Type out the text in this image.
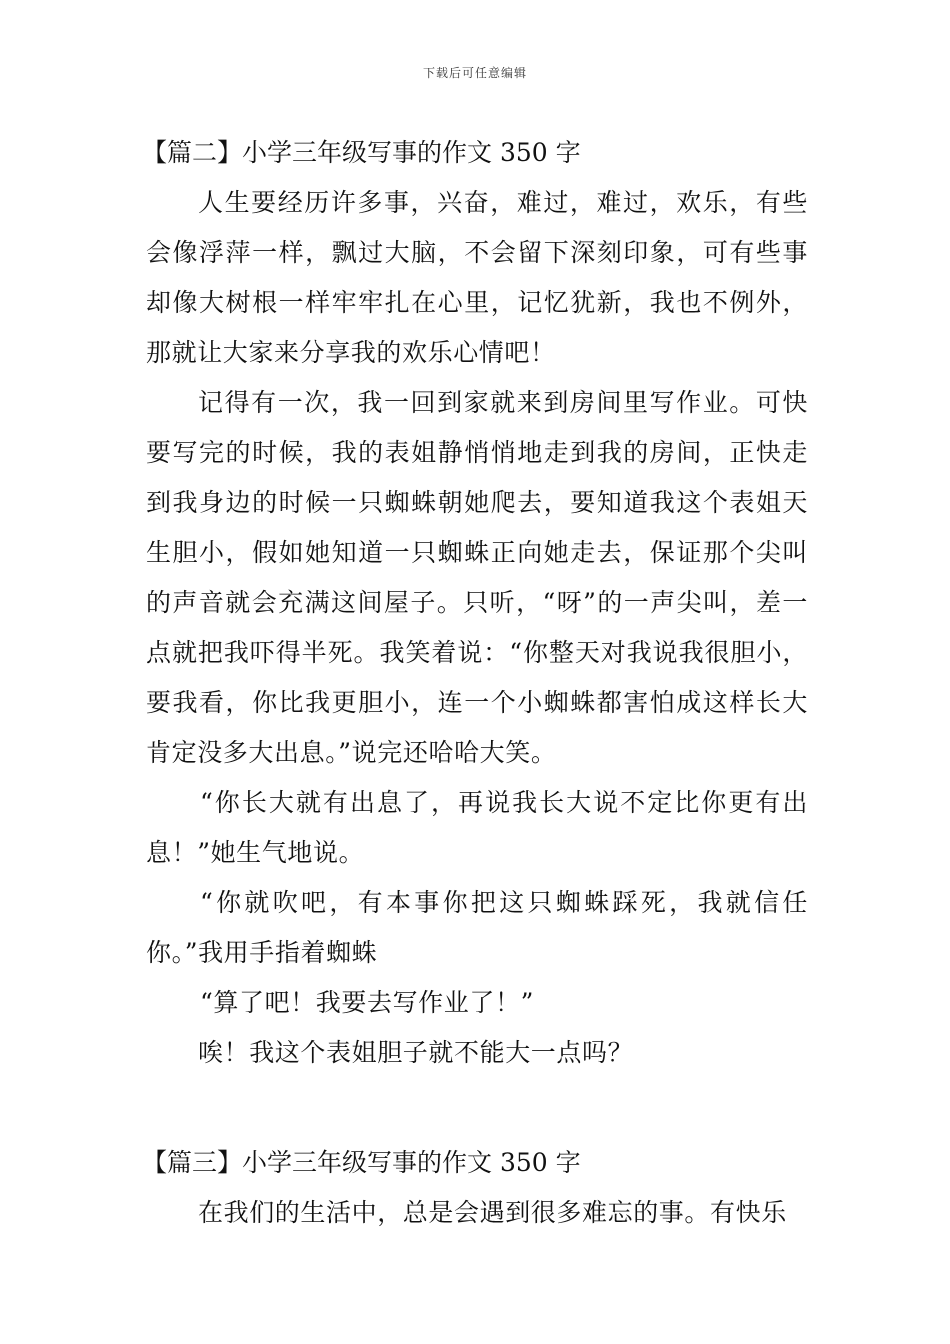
下载后可任意编辑
【篇二】小学三年级写事的作文 350 字

人生要经历许多事，兴奋，难过，难过，欢乐，有些会像浮萍一样，飘过大脑，不会留下深刻印象，可有些事却像大树根一样牢牢扎在心里，记忆犹新，我也不例外，那就让大家来分享我的欢乐心情吧！

记得有一次，我一回到家就来到房间里写作业。可快要写完的时候，我的表姐静悄悄地走到我的房间，正快走到我身边的时候一只蜘蛛朝她爬去，要知道我这个表姐天生胆小，假如她知道一只蜘蛛正向她走去，保证那个尖叫的声音就会充满这间屋子。只听，“呀”的一声尖叫，差一点就把我吓得半死。我笑着说：“你整天对我说我很胆小，要我看，你比我更胆小，连一个小蜘蛛都害怕成这样长大肯定没多大出息。”说完还哈哈大笑。

“你长大就有出息了，再说我长大说不定比你更有出息！”她生气地说。

“你就吹吧，有本事你把这只蜘蛛踩死，我就信任你。”我用手指着蜘蛛

“算了吧！我要去写作业了！”

唉！我这个表姐胆子就不能大一点吗？

【篇三】小学三年级写事的作文 350 字

在我们的生活中，总是会遇到很多难忘的事。有快乐
